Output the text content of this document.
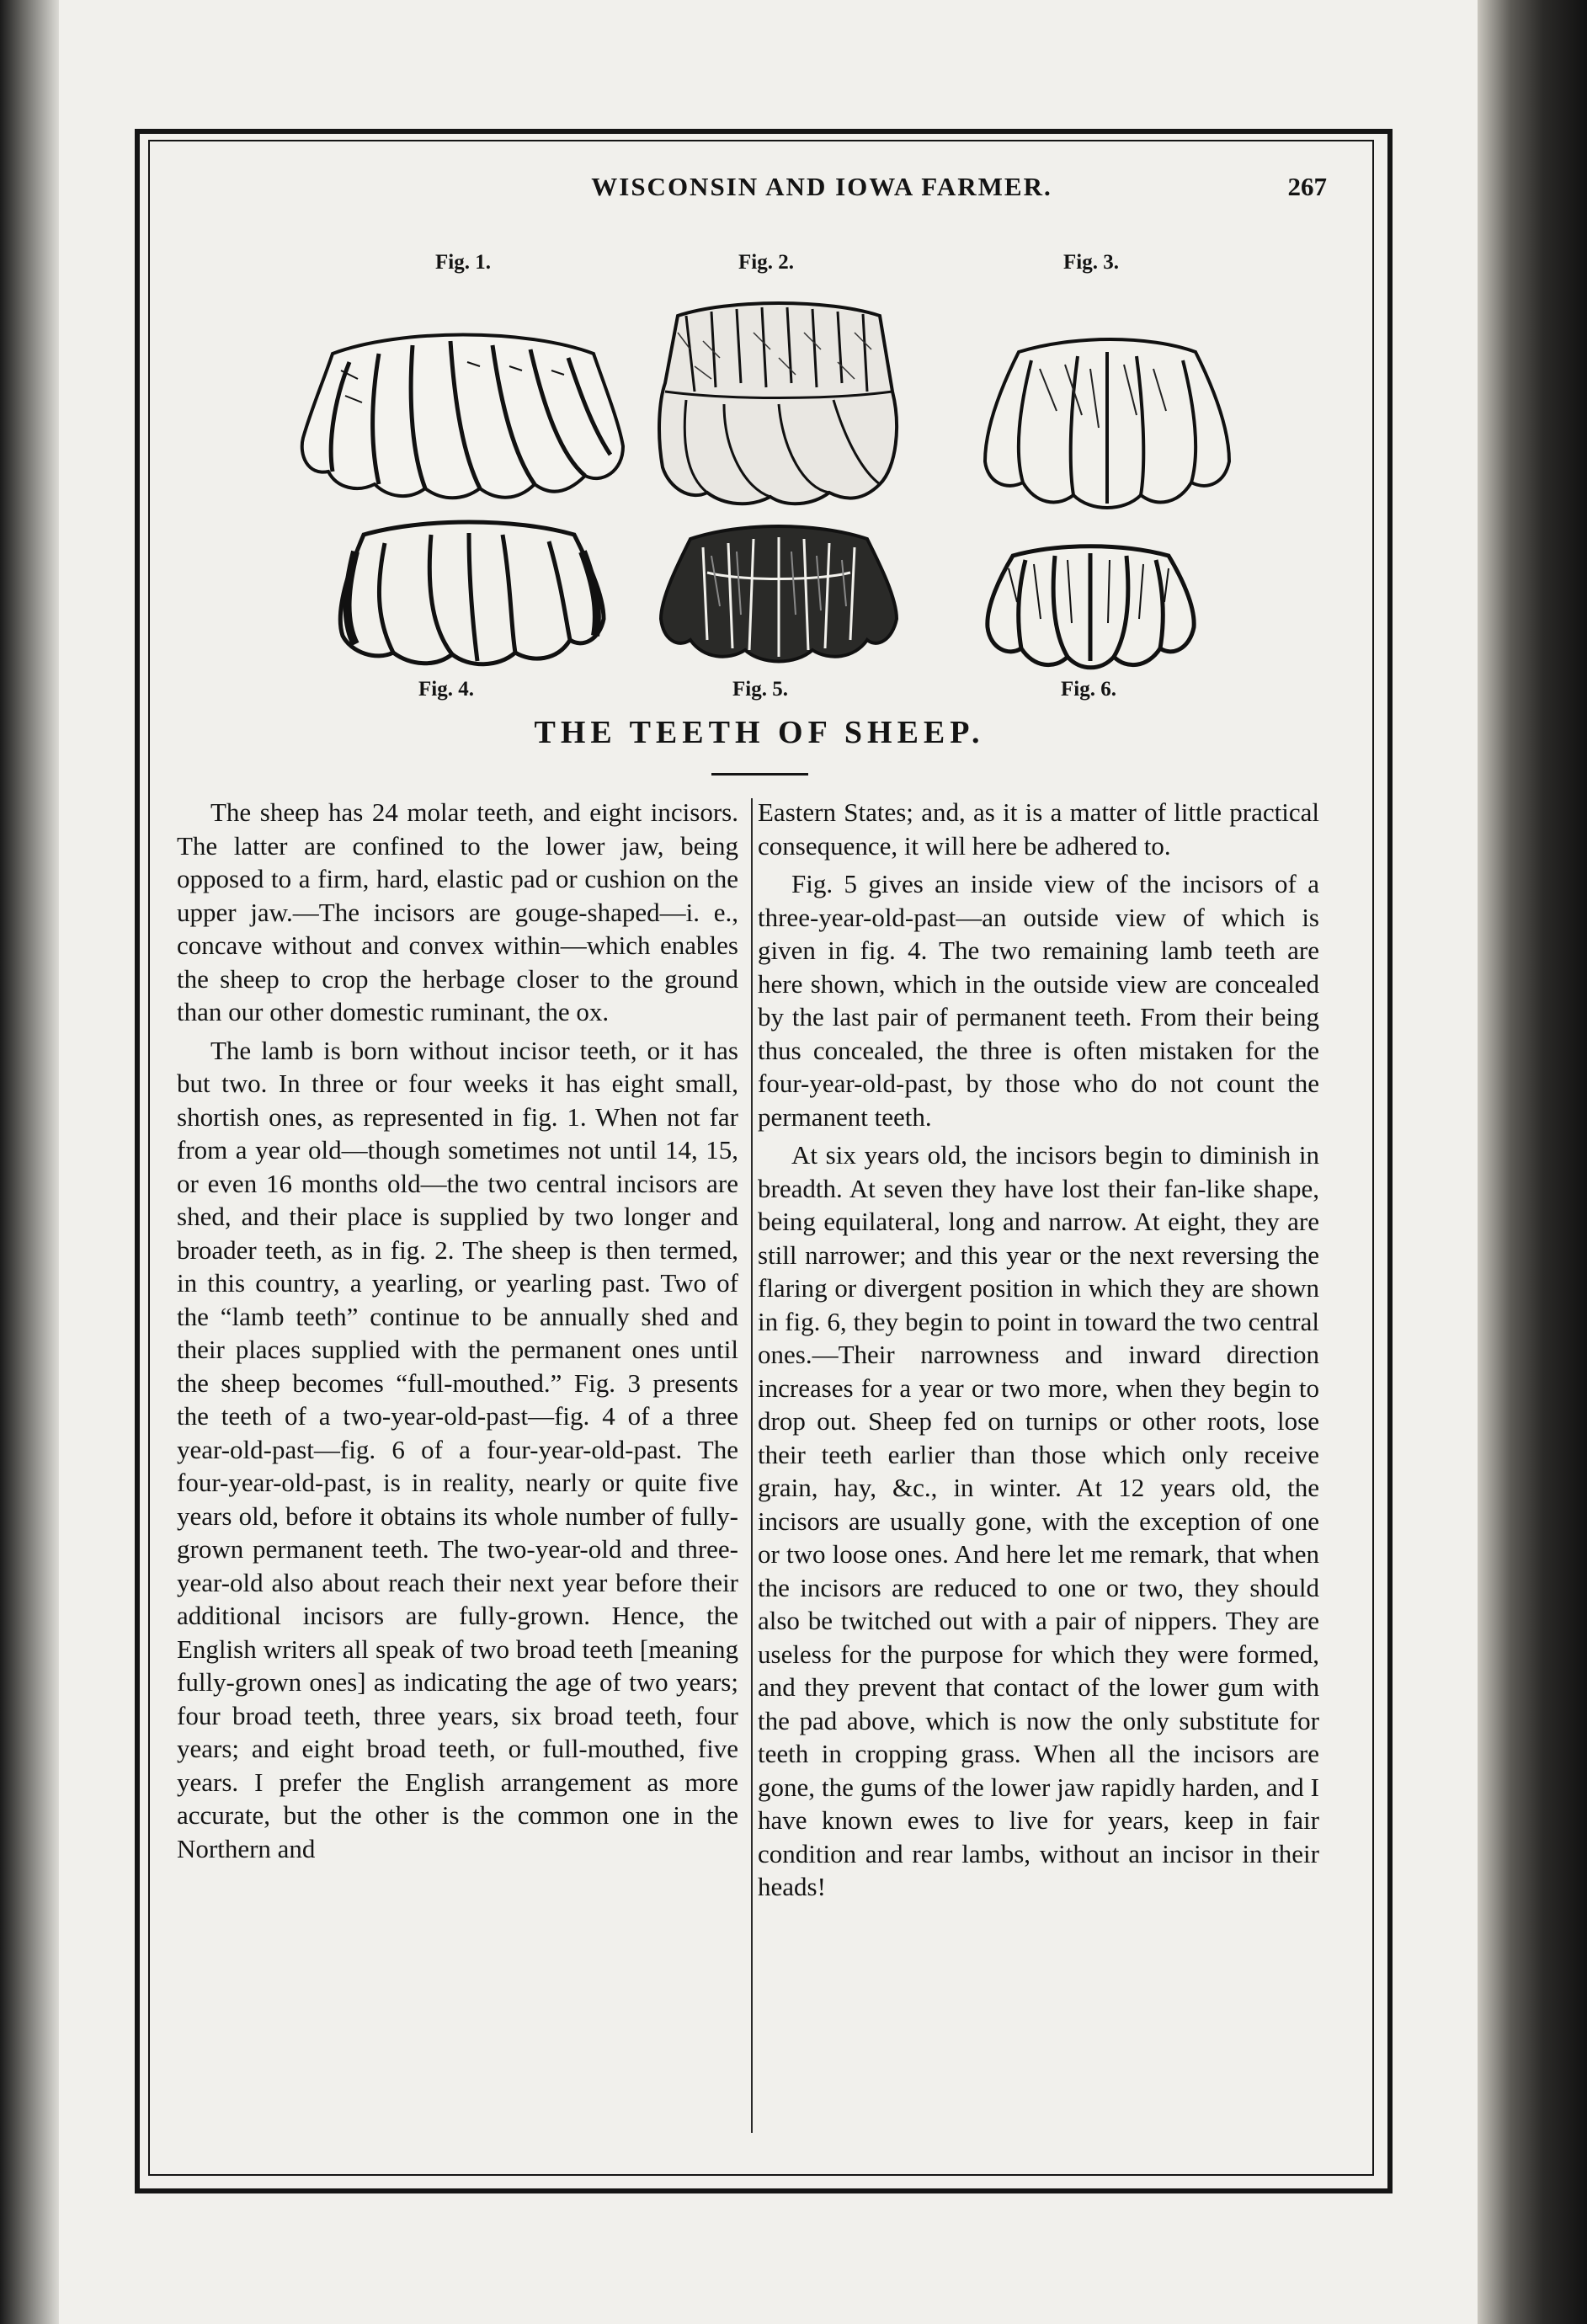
WISCONSIN AND IOWA FARMER.	267
Fig. 1.	Fig. 2.	Fig. 3.
Fig. 4.	Fig. 5.	Fig. 6.
THE TEETH OF SHEEP.

The sheep has 24 molar teeth, and eight incisors. The latter are confined to the lower jaw, being opposed to a firm, hard, elastic pad or cushion on the upper jaw.—The incisors are gouge-shaped—i. e., concave without and convex within—which enables the sheep to crop the herbage closer to the ground than our other domestic ruminant, the ox.

The lamb is born without incisor teeth, or it has but two. In three or four weeks it has eight small, shortish ones, as represented in fig. 1. When not far from a year old—though sometimes not until 14, 15, or even 16 months old—the two central incisors are shed, and their place is supplied by two longer and broader teeth, as in fig. 2. The sheep is then termed, in this country, a yearling, or yearling past. Two of the “lamb teeth” continue to be annually shed and their places supplied with the permanent ones until the sheep becomes “full-mouthed.” Fig. 3 presents the teeth of a two-year-old-past—fig. 4 of a three year-old-past—fig. 6 of a four-year-old-past. The four-year-old-past, is in reality, nearly or quite five years old, before it obtains its whole number of fully-grown permanent teeth. The two-year-old and three-year-old also about reach their next year before their additional incisors are fully-grown. Hence, the English writers all speak of two broad teeth [meaning fully-grown ones] as indicating the age of two years; four broad teeth, three years, six broad teeth, four years; and eight broad teeth, or full-mouthed, five years. I prefer the English arrangement as more accurate, but the other is the common one in the Northern and

Eastern States; and, as it is a matter of little practical consequence, it will here be adhered to.

Fig. 5 gives an inside view of the incisors of a three-year-old-past—an outside view of which is given in fig. 4. The two remaining lamb teeth are here shown, which in the outside view are concealed by the last pair of permanent teeth. From their being thus concealed, the three is often mistaken for the four-year-old-past, by those who do not count the permanent teeth.

At six years old, the incisors begin to diminish in breadth. At seven they have lost their fan-like shape, being equilateral, long and narrow. At eight, they are still narrower; and this year or the next reversing the flaring or divergent position in which they are shown in fig. 6, they begin to point in toward the two central ones.—Their narrowness and inward direction increases for a year or two more, when they begin to drop out. Sheep fed on turnips or other roots, lose their teeth earlier than those which only receive grain, hay, &c., in winter. At 12 years old, the incisors are usually gone, with the exception of one or two loose ones. And here let me remark, that when the incisors are reduced to one or two, they should also be twitched out with a pair of nippers. They are useless for the purpose for which they were formed, and they prevent that contact of the lower gum with the pad above, which is now the only substitute for teeth in cropping grass. When all the incisors are gone, the gums of the lower jaw rapidly harden, and I have known ewes to live for years, keep in fair condition and rear lambs, without an incisor in their heads!
